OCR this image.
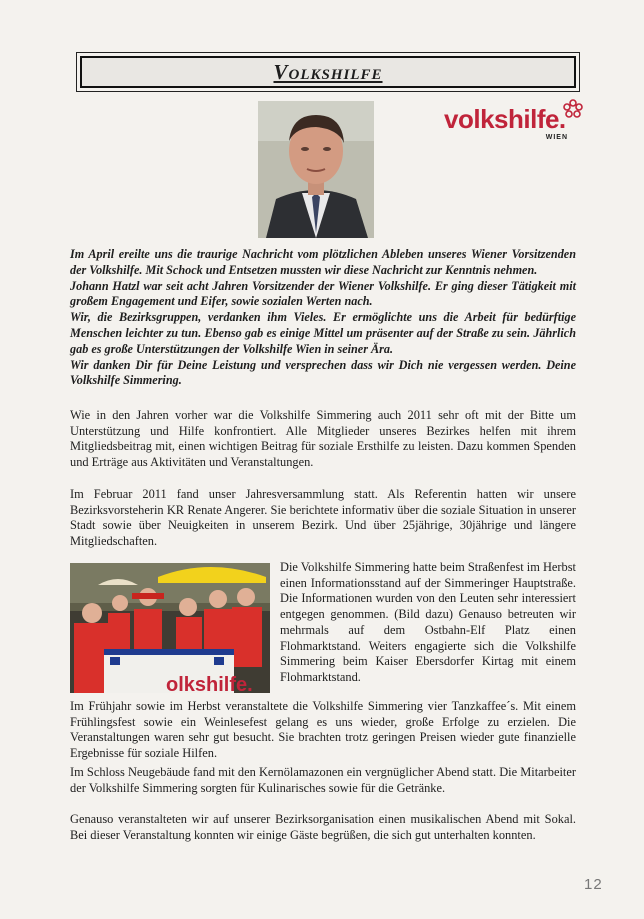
Volkshilfe
volkshilfe.
WIEN

Im April ereilte uns die traurige Nachricht vom plötzlichen Ableben unseres Wiener Vorsitzenden der Volkshilfe. Mit Schock und Entsetzen mussten wir diese Nachricht zur Kenntnis nehmen.

Johann Hatzl war seit acht Jahren Vorsitzender der Wiener Volkshilfe. Er ging dieser Tätigkeit mit großem Engagement und Eifer, sowie sozialen Werten nach.

Wir, die Bezirksgruppen, verdanken ihm Vieles. Er ermöglichte uns die Arbeit für bedürftige Menschen leichter zu tun. Ebenso gab es einige Mittel um präsenter auf der Straße zu sein. Jährlich gab es große Unterstützungen der Volkshilfe Wien in seiner Ära.

Wir danken Dir für Deine Leistung und versprechen dass wir Dich nie vergessen werden. Deine Volkshilfe Simmering.

Wie in den Jahren vorher war die Volkshilfe Simmering auch 2011 sehr oft mit der Bitte um Unterstützung und Hilfe konfrontiert. Alle Mitglieder unseres Bezirkes helfen mit ihrem Mitgliedsbeitrag mit, einen wichtigen Beitrag für soziale Ersthilfe zu leisten. Dazu kommen Spenden und Erträge aus Aktivitäten und Veranstaltungen.

Im Februar 2011 fand unser Jahresversammlung statt. Als Referentin hatten wir unsere Bezirksvorsteherin KR Renate Angerer. Sie berichtete informativ über die soziale Situation in unserer Stadt sowie über Neuigkeiten in unserem Bezirk. Und über 25jährige, 30jährige und längere Mitgliedschaften.

olkshilfe.

Die Volkshilfe Simmering hatte beim Straßenfest im Herbst einen Informationsstand auf der Simmeringer Hauptstraße. Die Informationen wurden von den Leuten sehr interessiert entgegen genommen. (Bild dazu) Genauso betreuten wir mehrmals auf dem Ostbahn-Elf Platz einen Flohmarktstand. Weiters engagierte sich die Volkshilfe Simmering beim Kaiser Ebersdorfer Kirtag mit einem Flohmarktstand.

Im Frühjahr sowie im Herbst veranstaltete die Volkshilfe Simmering vier Tanzkaffee´s. Mit einem Frühlingsfest sowie ein Weinlesefest gelang es uns wieder, große Erfolge zu erzielen. Die Veranstaltungen waren sehr gut besucht. Sie brachten trotz geringen Preisen wieder gute finanzielle Ergebnisse für soziale Hilfen.

Im Schloss Neugebäude fand mit den Kernölamazonen ein vergnüglicher Abend statt. Die Mitarbeiter der Volkshilfe Simmering sorgten für Kulinarisches sowie für die Getränke.

Genauso veranstalteten wir auf unserer Bezirksorganisation einen musikalischen Abend mit Sokal. Bei dieser Veranstaltung konnten wir einige Gäste begrüßen, die sich gut unterhalten konnten.

12
